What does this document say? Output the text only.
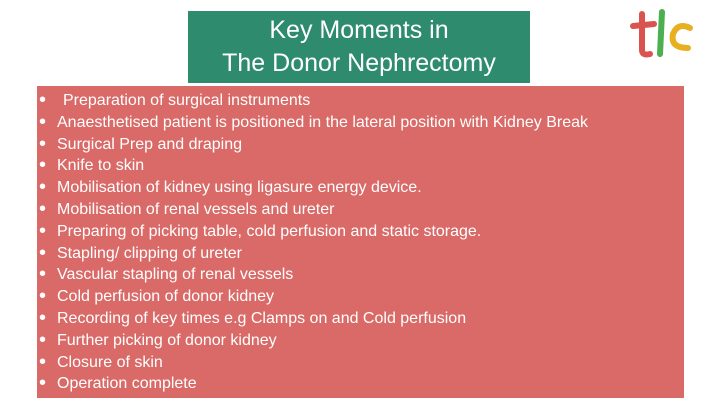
Key Moments in
The Donor Nephrectomy
• Preparation of surgical instruments
• Anaesthetised patient is positioned in the lateral position with Kidney Break
• Surgical Prep and draping
• Knife to skin
• Mobilisation of kidney using ligasure energy device.
• Mobilisation of renal vessels and ureter
• Preparing of picking table, cold perfusion and static storage.
• Stapling/ clipping of ureter
• Vascular stapling of renal vessels
• Cold perfusion of donor kidney
• Recording of key times e.g Clamps on and Cold perfusion
• Further picking of donor kidney
• Closure of skin
• Operation complete
